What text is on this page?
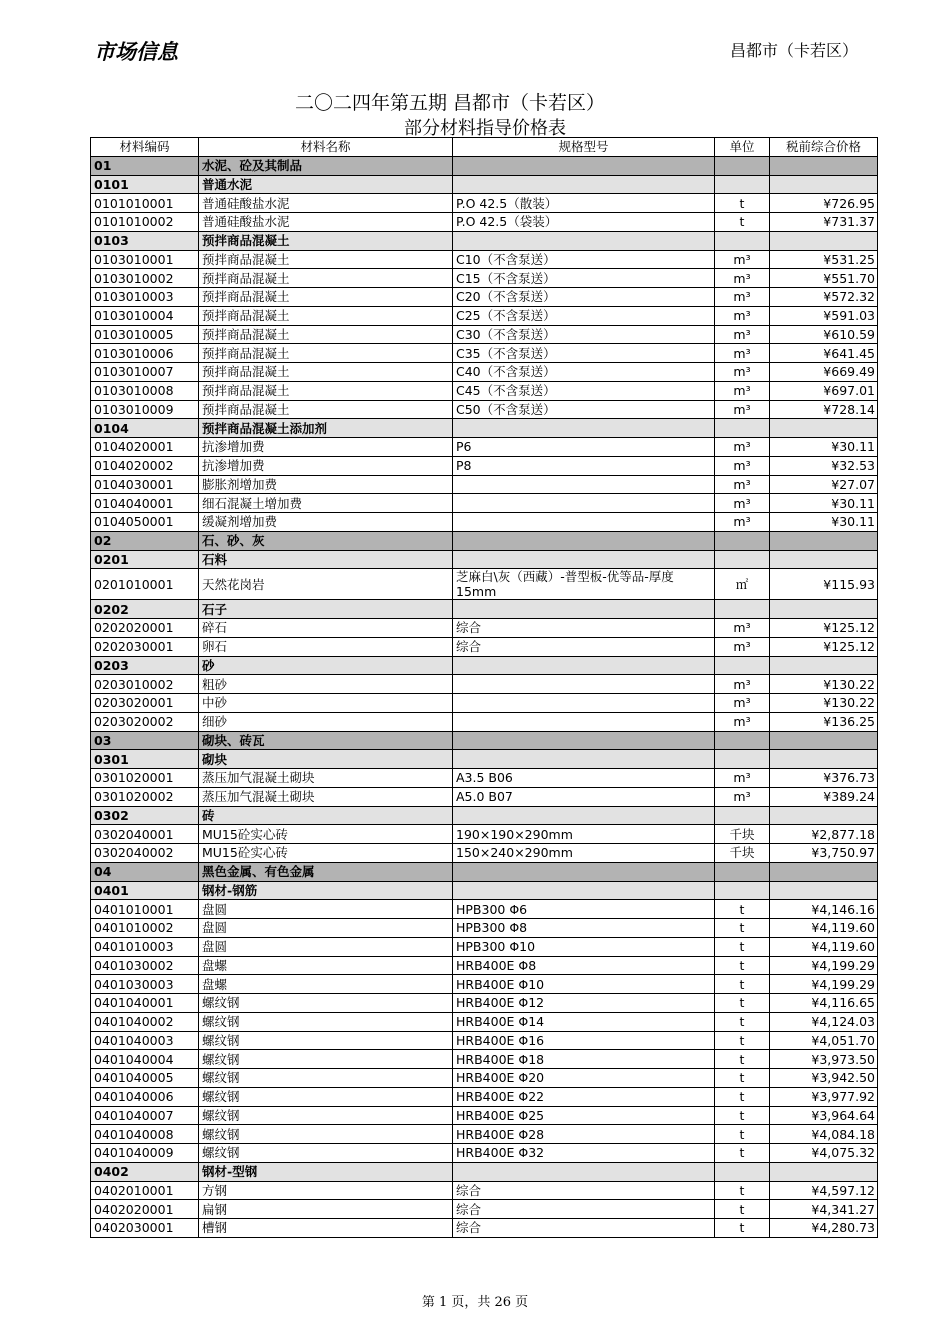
市场信息	昌都市（卡若区）
二〇二四年第五期 昌都市（卡若区）
部分材料指导价格表
材料编码	材料名称	规格型号	单位	税前综合价格
01	水泥、砼及其制品			
0101	普通水泥			
0101010001	普通硅酸盐水泥	P.O 42.5（散装）	t	¥726.95
0101010002	普通硅酸盐水泥	P.O 42.5（袋装）	t	¥731.37
0103	预拌商品混凝土			
0103010001	预拌商品混凝土	C10（不含泵送）	m³	¥531.25
0103010002	预拌商品混凝土	C15（不含泵送）	m³	¥551.70
0103010003	预拌商品混凝土	C20（不含泵送）	m³	¥572.32
0103010004	预拌商品混凝土	C25（不含泵送）	m³	¥591.03
0103010005	预拌商品混凝土	C30（不含泵送）	m³	¥610.59
0103010006	预拌商品混凝土	C35（不含泵送）	m³	¥641.45
0103010007	预拌商品混凝土	C40（不含泵送）	m³	¥669.49
0103010008	预拌商品混凝土	C45（不含泵送）	m³	¥697.01
0103010009	预拌商品混凝土	C50（不含泵送）	m³	¥728.14
0104	预拌商品混凝土添加剂			
0104020001	抗渗增加费	P6	m³	¥30.11
0104020002	抗渗增加费	P8	m³	¥32.53
0104030001	膨胀剂增加费		m³	¥27.07
0104040001	细石混凝土增加费		m³	¥30.11
0104050001	缓凝剂增加费		m³	¥30.11
02	石、砂、灰			
0201	石料			
0201010001	天然花岗岩	芝麻白\灰（西藏）-普型板-优等品-厚度15mm	㎡	¥115.93
0202	石子			
0202020001	碎石	综合	m³	¥125.12
0202030001	卵石	综合	m³	¥125.12
0203	砂			
0203010002	粗砂		m³	¥130.22
0203020001	中砂		m³	¥130.22
0203020002	细砂		m³	¥136.25
03	砌块、砖瓦			
0301	砌块			
0301020001	蒸压加气混凝土砌块	A3.5 B06	m³	¥376.73
0301020002	蒸压加气混凝土砌块	A5.0 B07	m³	¥389.24
0302	砖			
0302040001	MU15砼实心砖	190×190×290mm	千块	¥2,877.18
0302040002	MU15砼实心砖	150×240×290mm	千块	¥3,750.97
04	黑色金属、有色金属			
0401	钢材-钢筋			
0401010001	盘圆	HPB300 Φ6	t	¥4,146.16
0401010002	盘圆	HPB300 Φ8	t	¥4,119.60
0401010003	盘圆	HPB300 Φ10	t	¥4,119.60
0401030002	盘螺	HRB400E Φ8	t	¥4,199.29
0401030003	盘螺	HRB400E Φ10	t	¥4,199.29
0401040001	螺纹钢	HRB400E Φ12	t	¥4,116.65
0401040002	螺纹钢	HRB400E Φ14	t	¥4,124.03
0401040003	螺纹钢	HRB400E Φ16	t	¥4,051.70
0401040004	螺纹钢	HRB400E Φ18	t	¥3,973.50
0401040005	螺纹钢	HRB400E Φ20	t	¥3,942.50
0401040006	螺纹钢	HRB400E Φ22	t	¥3,977.92
0401040007	螺纹钢	HRB400E Φ25	t	¥3,964.64
0401040008	螺纹钢	HRB400E Φ28	t	¥4,084.18
0401040009	螺纹钢	HRB400E Φ32	t	¥4,075.32
0402	钢材-型钢			
0402010001	方钢	综合	t	¥4,597.12
0402020001	扁钢	综合	t	¥4,341.27
0402030001	槽钢	综合	t	¥4,280.73
第 1 页，共 26 页
